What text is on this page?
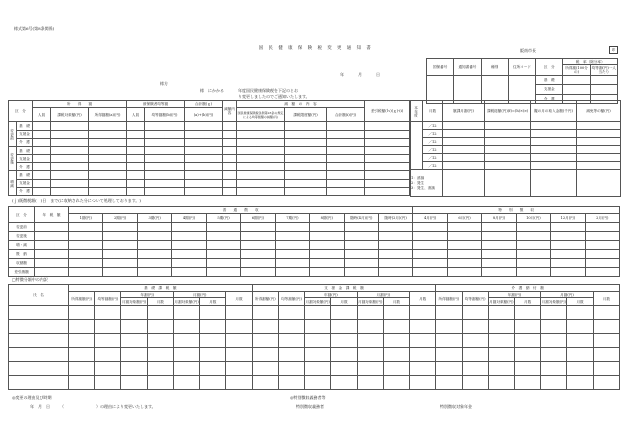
様式第6号(第8条関係)
国　民　健　康　保　険　税　変　更　通　知　書	阪南市長	印
年　月　日
様方
様　にかかる	年度国民健康保険税を下記のとお
り変更しましたのでご通知いたします。
国保番号	通知書番号	種別	住所コード	区　分	税　率（除分率）	
					所得割(100分の)	均等割(円)一人当たり
				基　礎		
				支援金		
				介　護		
区　分		所　　得　　割			被保険者均等割		合計額(ｇ)	減額内容	減　額　の　内　容			差引税額(ｈ)(ｇ)-(i)
		人員	課税対象額(円)	所得割額(a)(円)	人員	均等割額(b)(円)	(a)+(b)(円)		国民健康保険税条例第23条の規定による均等割額の減額(円)	課税限度額(円)	合計額(i)(円)	
変更前	基　礎											
	支援金											
	介　護											
変更後	基　礎											
	支援金											
	介　護											
増減	基　礎											
	支援金											
	介　護											
本年度	月数	賦課月割(円)	課税総額(円)(f)=(h)×(e)	擬の月の取入金額(千円)	減免等の額(円)
	／12				
	／12				
	／12				
	／12				
	／12				
	／12				

1：消滅
2：発生
3：発生、消滅					

(ｊ)既徴税額(　)日　まで(に収納された分について処理しております。)
区　分	年　税　額	普　　通　　徴　　収										特　　別　　徴　　収					
		1期(円)	2期(円)	3期(円)	4期(円)	5期(円)	6期(円)	7期(円)	8期(円)	随時(4月)(円)	随時(2月)(円)	4月(円)	6月(円)	8月(円)	10月(円)	12月(円)	2月(円)
変更前																	
変更後																	
増・減																	
既　納																	
収納額																	
差引納額																	
□特徴分額中の内訳
氏　名	基　礎　課　税　額							支　援　金　課　税　額							介　護　納　付　額						
	所得割額(円)	均等割額(円)	年割(円)		月割(円)		月数	所得割額(円)	均等割額(円)	年割(円)		月割(円)		月数	所得割額(円)	均等割額(円)	年割(円)		月割(円)		月数
			月割対象額(円)	月数	月割対象額(円)	月数				月割対象額(円)	月数	月割対象額(円)	月数				月割対象額(円)	月数	月割対象額(円)	月数	

◎変更の理由及び時期
年　月　日　　　（　　　　　　　　）の理由により変更いたします。
◎特別徴収義務者等
特別徴収義務者	特別徴収対象年金
